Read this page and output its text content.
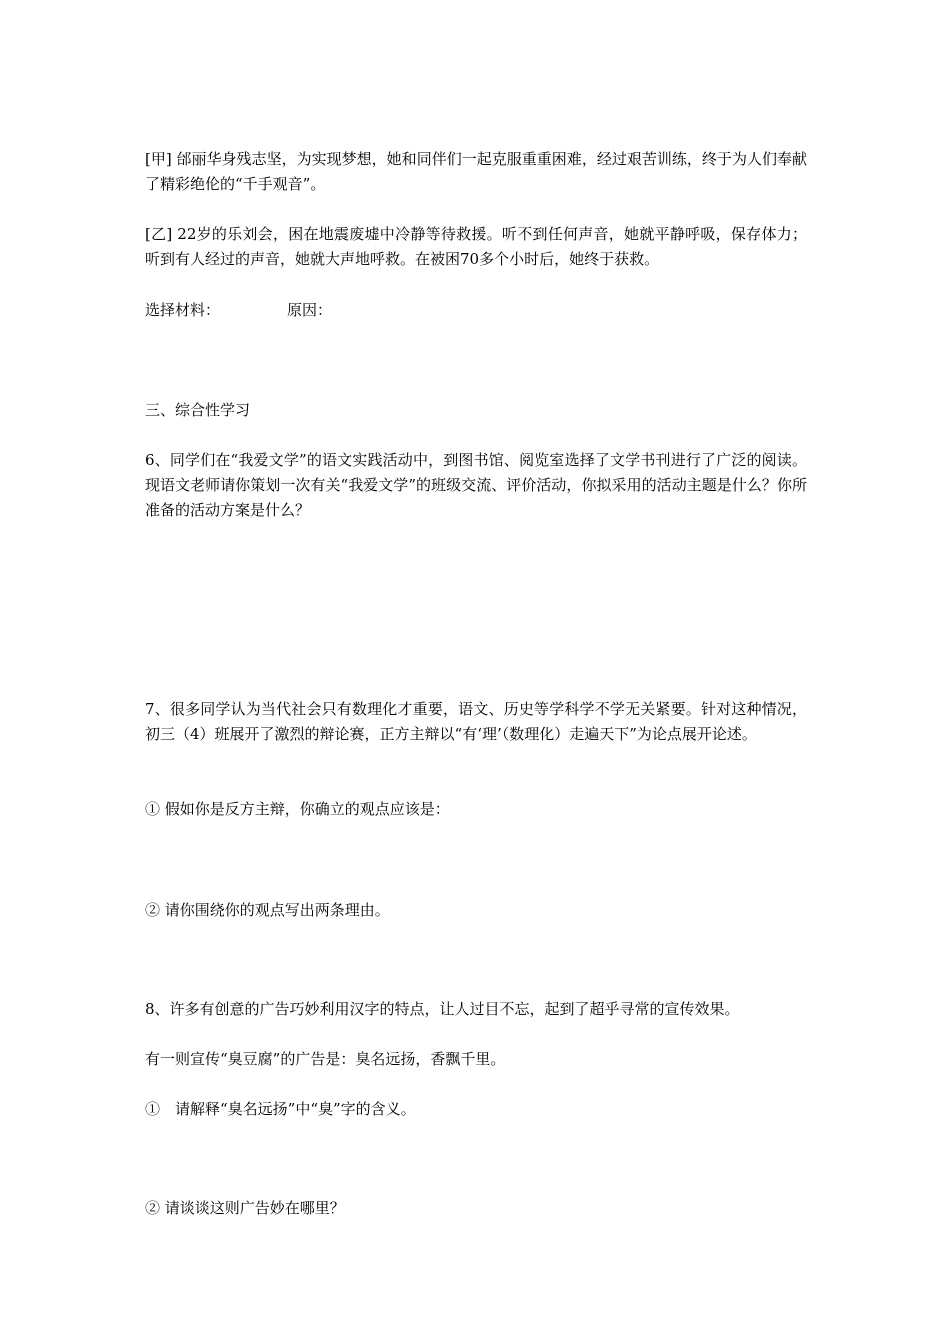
[甲] 邰丽华身残志坚，为实现梦想，她和同伴们一起克服重重困难，经过艰苦训练，终于为人们奉献了精彩绝伦的“千手观音”。

[乙] 22岁的乐刘会，困在地震废墟中冷静等待救援。听不到任何声音，她就平静呼吸，保存体力；听到有人经过的声音，她就大声地呼救。在被困70多个小时后，她终于获救。

选择材料：	原因：

三、综合性学习

6、同学们在“我爱文学”的语文实践活动中，到图书馆、阅览室选择了文学书刊进行了广泛的阅读。现语文老师请你策划一次有关“我爱文学”的班级交流、评价活动，你拟采用的活动主题是什么？你所准备的活动方案是什么？

7、很多同学认为当代社会只有数理化才重要，语文、历史等学科学不学无关紧要。针对这种情况，初三（4）班展开了激烈的辩论赛，正方主辩以“有‘理’（数理化）走遍天下”为论点展开论述。

① 假如你是反方主辩，你确立的观点应该是：

② 请你围绕你的观点写出两条理由。

8、许多有创意的广告巧妙利用汉字的特点，让人过目不忘，起到了超乎寻常的宣传效果。

有一则宣传“臭豆腐”的广告是：臭名远扬，香飘千里。

①　请解释“臭名远扬”中“臭”字的含义。

② 请谈谈这则广告妙在哪里？
